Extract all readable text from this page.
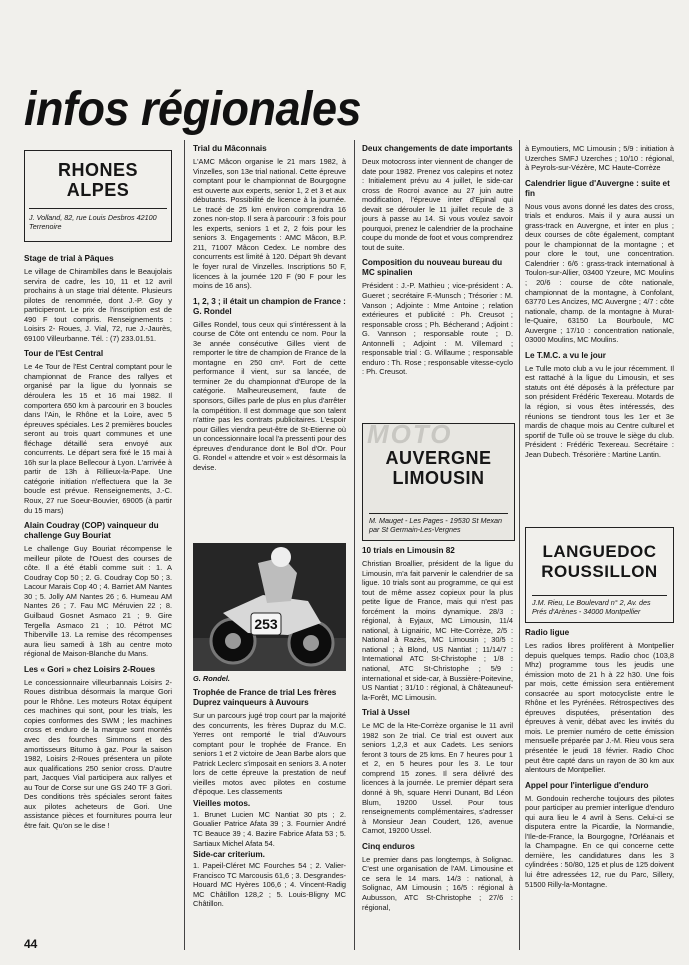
infos régionales
RHONES
ALPES
J. Volland, 82, rue Louis Desbros 42100 Terrenoire
Stage de trial à Pâques

Le village de Chiramblles dans le Beaujolais servira de cadre, les 10, 11 et 12 avril prochains à un stage trial détente. Plusieurs pilotes de renommée, dont J.-P. Goy y participeront. Le prix de l'inscription est de 490 F tout compris. Renseignements : Loisirs 2- Roues, J. Vial, 72, rue J.-Jaurès, 69100 Villeurbanne. Tél. : (7) 233.01.51.

Tour de l'Est Central

Le 4e Tour de l'Est Central comptant pour le championnat de France des rallyes et organisé par la ligue du lyonnais se déroulera les 15 et 16 mai 1982. Il comportera 650 km à parcourir en 3 boucles dans l'Ain, le Rhône et la Loire, avec 5 épreuves spéciales. Les 2 premières boucles seront au trois quart communes et une fléchage détaillé sera envoyé aux concurrents. Le départ sera fixé le 15 mai à 16h sur la place Bellecour à Lyon. L'arrivée à partir de 13h à Rillieux-la-Pape. Une catégorie initiation n'effectuera que la 3e boucle est prévue. Renseignements, J.-C. Roux, 27 rue Soeur-Bouvier, 69005 (à partir du 15 mars)

Alain Coudray (COP) vainqueur du challenge Guy Bouriat

Le challenge Guy Bouriat récompense le meilleur pilote de l'Ouest des courses de côte. Il a été établi comme suit : 1. A Coudray Cop 50 ; 2. G. Coudray Cop 50 ; 3. Lacour Marais Cop 40 ; 4. Barriet AM Nantes 30 ; 5. Jolly AM Nantes 26 ; 6. Humeau AM Nantes 26 ; 7. Fau MC Méruvien 22 ; 8. Guilbaud Gosnet Asmaco 21 ; 9. Gire Tergella Asmaco 21 ; 10. Pétrot MC Thiberville 13. La remise des récompenses aura lieu samedi à 18h au centre moto régional de Maison-Blanche du Mans.

Les « Gori » chez Loisirs 2-Roues

Le concessionnaire villeurbannais Loisirs 2-Roues distribua désormais la marque Gori pour le Rhône. Les moteurs Rotax équipent ces machines qui sont, pour les trials, les copies conformes des SWM ; les machines cross et enduro de la marque sont montés avec des fourches Simmons et des amortisseurs Bitumo à gaz. Pour la saison 1982, Loisirs 2-Roues présentera un pilote aux qualifications 250 senior cross. D'autre part, Jacques Vial participera aux rallyes et au Tour de Corse sur une GS 240 TF 3 Gori. Des conditions très spéciales seront faites aux pilotes acheteurs de Gori. Une assistance pièces et fournitures pourra leur être fait. Qu'on se le dise !

Trial du Mâconnais

L'AMC Mâcon organise le 21 mars 1982, à Vinzelles, son 13e trial national. Cette épreuve comptant pour le championnat de Bourgogne est ouverte aux experts, senior 1, 2 et 3 et aux débutants. Possibilité de licence à la journée. Le tracé de 25 km environ comprendra 16 zones non-stop. Il sera à parcourir : 3 fois pour les experts, seniors 1 et 2, 2 fois pour les seniors 3. Engagements : AMC Mâcon, B.P. 211, 71007 Mâcon Cedex. Le nombre des concurrents est limité à 120. Départ 9h devant le foyer rural de Vinzelles. Inscriptions 50 F, licences à la journée 120 F (90 F pour les moins de 16 ans).

1, 2, 3 ; il était un champion de France : G. Rondel

Gilles Rondel, tous ceux qui s'intéressent à la course de Côte ont entendu ce nom. Pour la 3e année consécutive Gilles vient de remporter le titre de champion de France de la montagne en 250 cm³. Fort de cette performance il vient, sur sa lancée, de terminer 2e du championnat d'Europe de la catégorie. Malheureusement, faute de sponsors, Gilles parle de plus en plus d'arrêter la compétition. Il est dommage que son talent n'attire pas les contrats publicitaires. L'espoir pour Gilles viendra peut-être de St-Etienne où un concessionnaire local l'a pressenti pour des épreuves d'endurance dont le Bol d'Or. Pour G. Rondel « attendre et voir » est désormais la devise.

253
G. Rondel.
Trophée de France de trial Les frères Duprez vainqueurs à Auvours

Sur un parcours jugé trop court par la majorité des concurrents, les frères Dupraz du M.C. Yerres ont remporté le trial d'Auvours comptant pour le trophée de France. En seniors 1 et 2 victoire de Jean Barbe alors que Patrick Leclerc s'imposait en seniors 3. A noter lors de cette épreuve la prestation de neuf vieilles motos avec pilotes en costume d'époque. Les classements

Vieilles motos.

1. Brunet Lucien MC Nantiat 30 pts ; 2. Goualier Patrice Afata 39 ; 3. Fournier André TC Beauce 39 ; 4. Bazire Fabrice Afata 53 ; 5. Sartiaux Michel Afata 54.

Side-car criterium.

1. Papeil-Cléret MC Fourches 54 ; 2. Valier-Francisco TC Marcousis 61,6 ; 3. Desgrandes-Houard MC Hyères 106,6 ; 4. Vincent-Radig MC Châtillon 128,2 ; 5. Louis-Bligny MC Châtillon.

Deux changements de date importants

Deux motocross inter viennent de changer de date pour 1982. Prenez vos calepins et notez : Initialement prévu au 4 juillet, le side-car cross de Rocroi avance au 27 juin autre modification, l'épreuve inter d'Epinal qui devait se dérouler le 11 juillet recule de 3 jours à passe au 14. Si vous voulez savoir pourquoi, prenez le calendrier de la prochaine coupe du monde de foot et vous comprendrez tout de suite.

Composition du nouveau bureau du MC spinalien

Président : J.-P. Mathieu ; vice-président : A. Gueret ; secrétaire F.-Munsch ; Trésorier : M. Vanson ; Adjointe : Mme Antoine ; relation extérieures et publicité : Ph. Creusot ; responsable cross ; Ph. Bécherand ; Adjoint : G. Vannson ; responsable route ; D. Antonnelli ; Adjoint : M. Villemard ; responsable trial : G. Willaume ; responsable enduro : Th. Rose ; responsable vitesse-cyclo : Ph. Creusot.

MOTO
AUVERGNE
LIMOUSIN
M. Mauget - Les Pages - 19530 St Mexan par St Germain-Les-Vergnes
10 trials en Limousin 82

Christian Broallier, président de la ligue du Limousin, m'a fait parvenir le calendrier de sa ligue. 10 trials sont au programme, ce qui est tout de même assez copieux pour la plus petite ligue de France, mais qui n'est pas forcément la moins dynamique. 28/3 : régional, à Eyjaux, MC Limousin, 11/4 national, à Lignairic, MC Hte-Corrèze, 2/5 : National à Razès, MC Limousin ; 30/5 : national ; à Blond, US Nantiat ; 11/14/7 : International ATC St-Christophe ; 1/8 : national, ATC St-Christophe ; 5/9 : international et side-car, à Bussière-Poitevine, US Nantiat ; 31/10 : régional, à Châteauneuf-la-Forêt, MC Limousin.

Trial à Ussel

Le MC de la Hte-Corrèze organise le 11 avril 1982 son 2e trial. Ce trial est ouvert aux seniors 1,2,3 et aux Cadets. Les seniors feront 3 tours de 25 kms. En 7 heures pour 1 et 2, en 5 heures pour les 3. Le tour comprend 15 zones. Il sera délivré des licences à la journée. Le premier départ sera donné à 9h, square Henri Dunant, Bd Léon Blum, 19200 Ussel. Pour tous renseignements complémentaires, s'adresser à Monsieur Jean Coudert, 126, avenue Carnot, 19200 Ussel.

Cinq enduros

Le premier dans pas longtemps, à Solignac. C'est une organisation de l'AM. Limousine et ce sera le 14 mars. 14/3 : national, à Solignac, AM Limousin ; 16/5 : régional à Aubusson, ATC St-Christophe ; 27/6 : régional,

à Eymoutiers, MC Limousin ; 5/9 : initiation à Uzerches SMFJ Uzerches ; 10/10 : régional, à Peyrols-sur-Vézère, MC Haute-Corrèze

Calendrier ligue d'Auvergne : suite et fin

Nous vous avons donné les dates des cross, trials et enduros. Mais il y aura aussi un grass-track en Auvergne, et inter en plus ; deux courses de côte également, comptant pour le championnat de la montagne ; et pour clore le tout, une concentration. Calendrier : 6/6 : grass-track international à Toulon-sur-Allier, 03400 Yzeure, MC Moulins ; 20/6 : course de côte nationale, championnat de la montagne, à Confolant, 63770 Les Ancizes, MC Auvergne ; 4/7 : côte nationale, champ. de la montagne à Murat-le-Quaire, 63150 La Bourboule, MC Auvergne ; 17/10 : concentration nationale, 03000 Moulins, MC Moulins.

Le T.M.C. a vu le jour

Le Tulle moto club a vu le jour récemment. Il est rattaché à la ligue du Limousin, et ses statuts ont été déposés à la préfecture par son président Frédéric Texereau. Motards de la région, si vous êtes intéressés, des réunions se tiendront tous les 1er et 3e mardis de chaque mois au Centre culturel et sportif de Tulle où se trouve le siège du club. Président : Frédéric Texereau. Secrétaire : Jean Dubech. Trésorière : Martine Lantin.

LANGUEDOC
ROUSSILLON
J.M. Rieu, Le Boulevard n° 2, Av. des Prés d'Arènes - 34000 Montpellier
Radio ligue

Les radios libres prolifèrent à Montpellier depuis quelques temps. Radio choc (103,8 Mhz) programme tous les jeudis une émission moto de 21 h à 22 h30. Une fois par mois, cette émission sera entièrement consacrée au sport motocycliste entre le Rhône et les Pyrénées. Rétrospectives des épreuves disputées, présentation des épreuves à venir, débat avec les invités du mois. Le premier numéro de cette émission mensuelle préparée par J.-M. Rieu vous sera présentée le jeudi 18 février. Radio Choc peut être capté dans un rayon de 30 km aux alentours de Montpellier.

Appel pour l'interligue d'enduro

M. Gondouin recherche toujours des pilotes pour participer au premier interligue d'enduro qui aura lieu le 4 avril à Sens. Celui-ci se disputera entre la Picardie, la Normandie, l'Ile-de-France, la Bourgogne, l'Orléanais et la Champagne. En ce qui concerne cette dernière, les candidatures dans les 3 cylindrées : 50/80, 125 et plus de 125 doivent lui être adressées 12, rue du Parc, Sillery, 51500 Rilly-la-Montagne.

44
